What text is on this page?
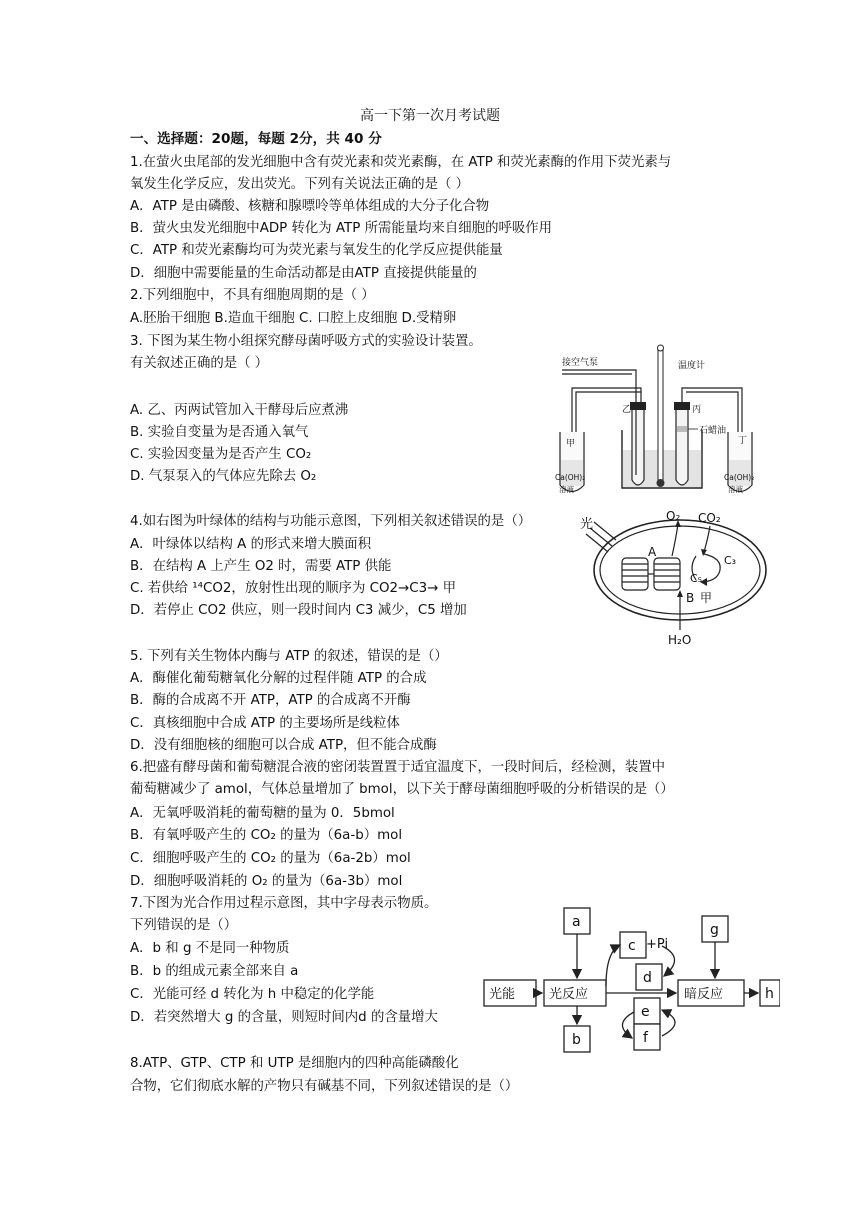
高一下第一次月考试题
一、选择题：20题，每题 2分，共 40 分
1.在萤火虫尾部的发光细胞中含有荧光素和荧光素酶，在 ATP 和荧光素酶的作用下荧光素与
氧发生化学反应，发出荧光。下列有关说法正确的是（ ）
A．ATP 是由磷酸、核糖和腺嘌呤等单体组成的大分子化合物
B．萤火虫发光细胞中ADP 转化为 ATP 所需能量均来自细胞的呼吸作用
C．ATP 和荧光素酶均可为荧光素与氧发生的化学反应提供能量
D．细胞中需要能量的生命活动都是由ATP 直接提供能量的
2.下列细胞中，不具有细胞周期的是（ ）
A.胚胎干细胞 B.造血干细胞 C. 口腔上皮细胞 D.受精卵
3. 下图为某生物小组探究酵母菌呼吸方式的实验设计装置。
有关叙述正确的是（ ）
A. 乙、丙两试管加入干酵母后应煮沸
B. 实验自变量为是否通入氧气
C. 实验因变量为是否产生 CO₂
D. 气泵泵入的气体应先除去 O₂
接空气泵	温度计
乙	丙
石蜡油
甲	丁
Ca(OH)₂
溶液
Ca(OH)₂
溶液
4.如右图为叶绿体的结构与功能示意图，下列相关叙述错误的是（）
A．叶绿体以结构 A 的形式来增大膜面积
B．在结构 A 上产生 O2 时，需要 ATP 供能
C. 若供给 ¹⁴CO2，放射性出现的顺序为 CO2→C3→ 甲
D．若停止 CO2 供应，则一段时间内 C3 减少，C5 增加
光
O₂ CO₂
A
C₃
C₅
B 甲
H₂O
5. 下列有关生物体内酶与 ATP 的叙述，错误的是（）
A．酶催化葡萄糖氧化分解的过程伴随 ATP 的合成
B．酶的合成离不开 ATP，ATP 的合成离不开酶
C．真核细胞中合成 ATP 的主要场所是线粒体
D．没有细胞核的细胞可以合成 ATP，但不能合成酶
6.把盛有酵母菌和葡萄糖混合液的密闭装置置于适宜温度下，一段时间后，经检测，装置中
葡萄糖减少了 amol，气体总量增加了 bmol，以下关于酵母菌细胞呼吸的分析错误的是（）
A．无氧呼吸消耗的葡萄糖的量为 0．5bmol
B．有氧呼吸产生的 CO₂ 的量为（6a-b）mol
C．细胞呼吸产生的 CO₂ 的量为（6a-2b）mol
D．细胞呼吸消耗的 O₂ 的量为（6a-3b）mol
7.下图为光合作用过程示意图，其中字母表示物质。
下列错误的是（）
A．b 和 g 不是同一种物质
B．b 的组成元素全部来自 a
C．光能可经 d 转化为 h 中稳定的化学能
D．若突然增大 g 的含量，则短时间内d 的含量增大
a
光能	光反应
c +Pi
d
e
f
g
暗反应	h
b
8.ATP、GTP、CTP 和 UTP 是细胞内的四种高能磷酸化
合物，它们彻底水解的产物只有碱基不同，下列叙述错误的是（）
